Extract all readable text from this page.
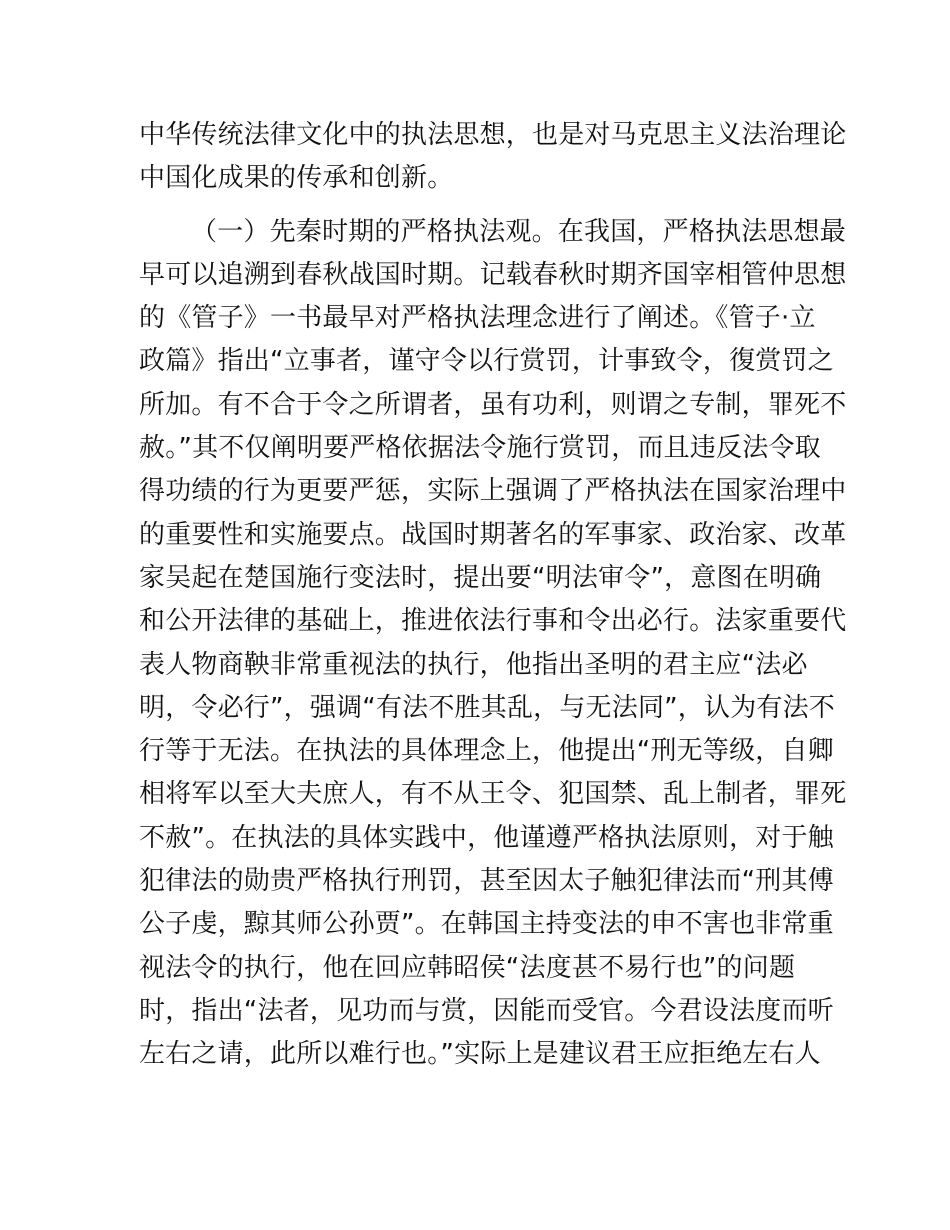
中华传统法律文化中的执法思想，也是对马克思主义法治理论
中国化成果的传承和创新。
（一）先秦时期的严格执法观。在我国，严格执法思想最
早可以追溯到春秋战国时期。记载春秋时期齐国宰相管仲思想
的《管子》一书最早对严格执法理念进行了阐述。《管子·立
政篇》指出“立事者，谨守令以行赏罚，计事致令，復赏罚之
所加。有不合于令之所谓者，虽有功利，则谓之专制，罪死不
赦。”其不仅阐明要严格依据法令施行赏罚，而且违反法令取
得功绩的行为更要严惩，实际上强调了严格执法在国家治理中
的重要性和实施要点。战国时期著名的军事家、政治家、改革
家吴起在楚国施行变法时，提出要“明法审令”，意图在明确
和公开法律的基础上，推进依法行事和令出必行。法家重要代
表人物商鞅非常重视法的执行，他指出圣明的君主应“法必
明，令必行”，强调“有法不胜其乱，与无法同”，认为有法不
行等于无法。在执法的具体理念上，他提出“刑无等级，自卿
相将军以至大夫庶人，有不从王令、犯国禁、乱上制者，罪死
不赦”。在执法的具体实践中，他谨遵严格执法原则，对于触
犯律法的勋贵严格执行刑罚，甚至因太子触犯律法而“刑其傅
公子虔，黥其师公孙贾”。在韩国主持变法的申不害也非常重
视法令的执行，他在回应韩昭侯“法度甚不易行也”的问题
时，指出“法者，见功而与赏，因能而受官。今君设法度而听
左右之请，此所以难行也。”实际上是建议君王应拒绝左右人
